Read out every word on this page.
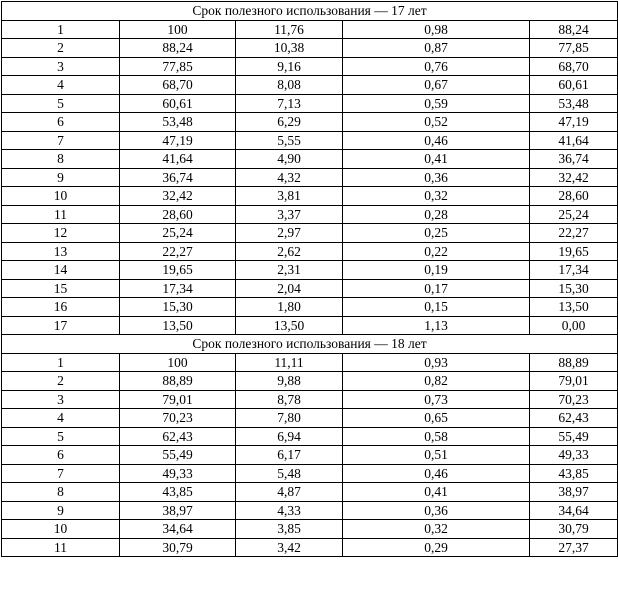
Срок полезного использования — 17 лет				
1	100	11,76	0,98	88,24
2	88,24	10,38	0,87	77,85
3	77,85	9,16	0,76	68,70
4	68,70	8,08	0,67	60,61
5	60,61	7,13	0,59	53,48
6	53,48	6,29	0,52	47,19
7	47,19	5,55	0,46	41,64
8	41,64	4,90	0,41	36,74
9	36,74	4,32	0,36	32,42
10	32,42	3,81	0,32	28,60
11	28,60	3,37	0,28	25,24
12	25,24	2,97	0,25	22,27
13	22,27	2,62	0,22	19,65
14	19,65	2,31	0,19	17,34
15	17,34	2,04	0,17	15,30
16	15,30	1,80	0,15	13,50
17	13,50	13,50	1,13	0,00
Срок полезного использования — 18 лет				
1	100	11,11	0,93	88,89
2	88,89	9,88	0,82	79,01
3	79,01	8,78	0,73	70,23
4	70,23	7,80	0,65	62,43
5	62,43	6,94	0,58	55,49
6	55,49	6,17	0,51	49,33
7	49,33	5,48	0,46	43,85
8	43,85	4,87	0,41	38,97
9	38,97	4,33	0,36	34,64
10	34,64	3,85	0,32	30,79
11	30,79	3,42	0,29	27,37
